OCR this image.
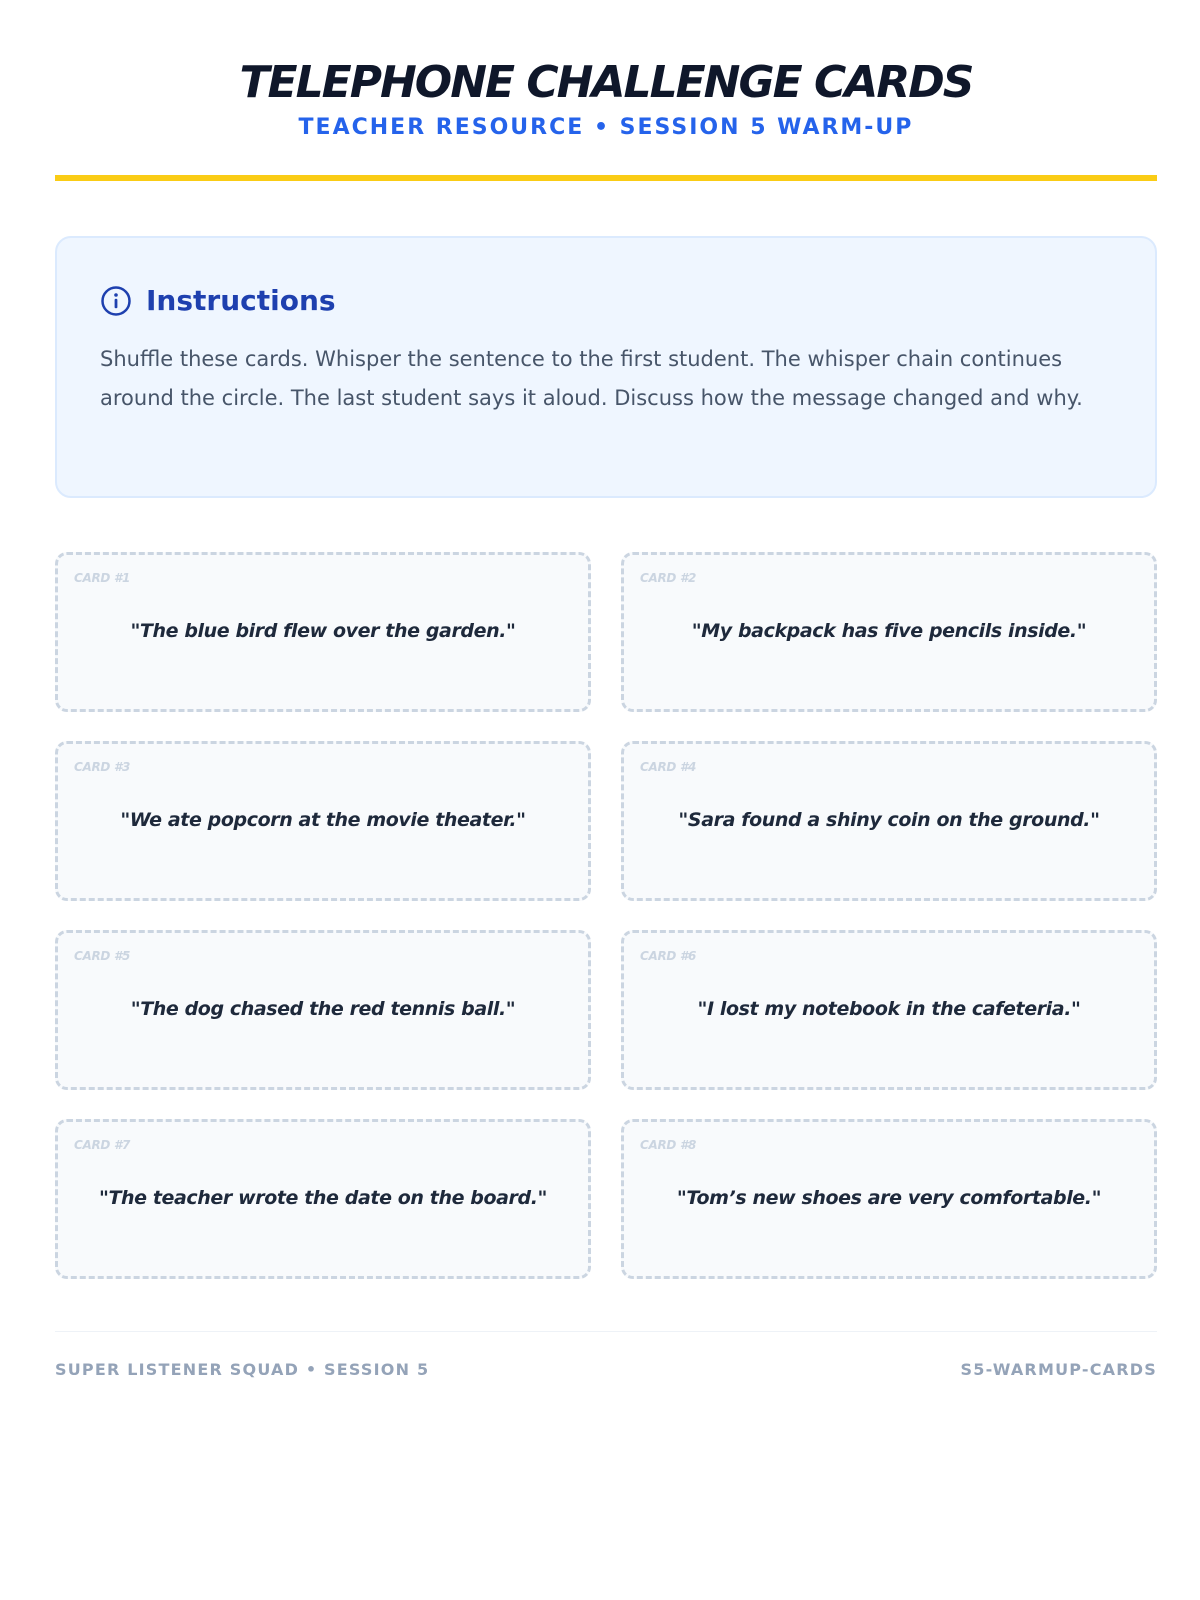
TELEPHONE CHALLENGE CARDS
TEACHER RESOURCE • SESSION 5 WARM-UP
Instructions
Shuffle these cards. Whisper the sentence to the first student. The whisper chain continues around the circle. The last student says it aloud. Discuss how the message changed and why.
CARD #1
"The blue bird flew over the garden."
CARD #2
"My backpack has five pencils inside."
CARD #3
"We ate popcorn at the movie theater."
CARD #4
"Sara found a shiny coin on the ground."
CARD #5
"The dog chased the red tennis ball."
CARD #6
"I lost my notebook in the cafeteria."
CARD #7
"The teacher wrote the date on the board."
CARD #8
"Tom’s new shoes are very comfortable."
SUPER LISTENER SQUAD • SESSION 5	S5-WARMUP-CARDS
